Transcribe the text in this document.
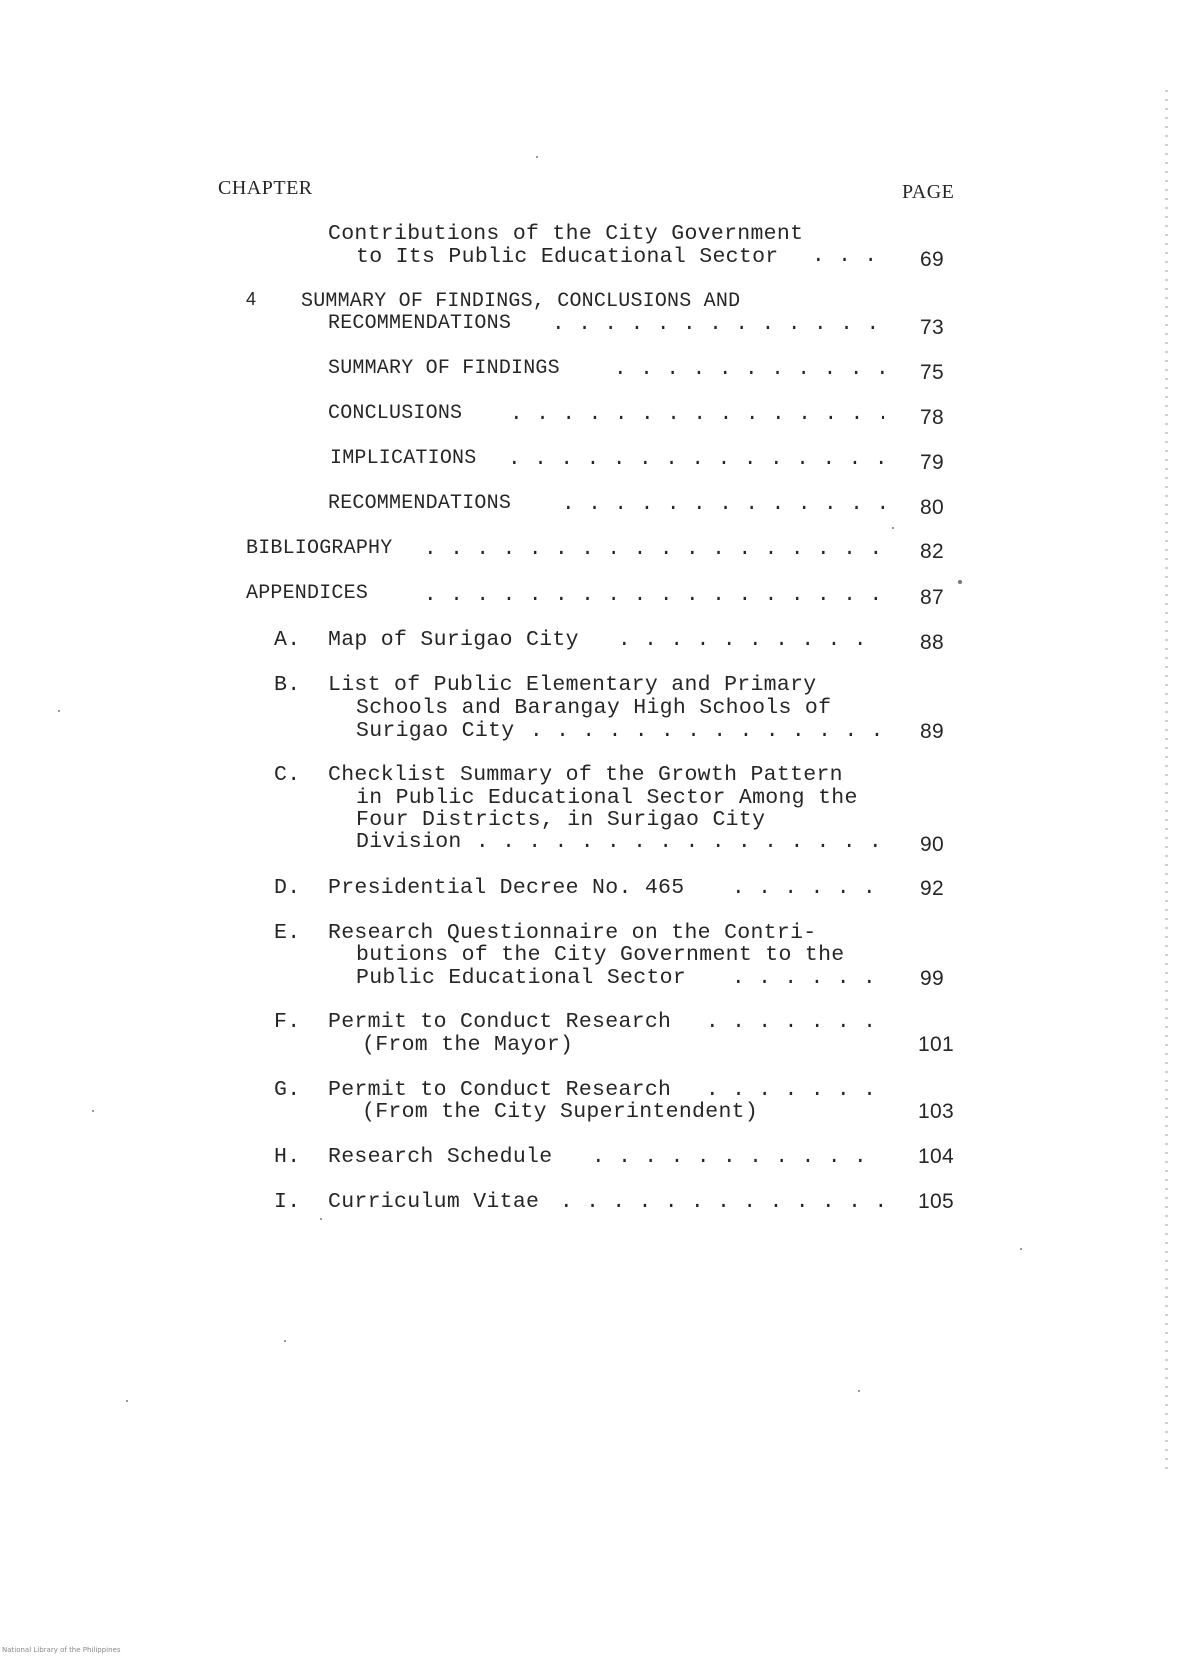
CHAPTER	PAGE
Contributions of the City Government
to Its Public Educational Sector . . .	69
4 SUMMARY OF FINDINGS, CONCLUSIONS AND
RECOMMENDATIONS . . .	73
SUMMARY OF FINDINGS . . .	75
CONCLUSIONS . . .	78
IMPLICATIONS . . .	79
RECOMMENDATIONS . . .	80
BIBLIOGRAPHY . . .	82
APPENDICES . . .	87
A. Map of Surigao City . . .	88
B. List of Public Elementary and Primary
Schools and Barangay High Schools of
Surigao City . . .	89
C. Checklist Summary of the Growth Pattern
in Public Educational Sector Among the
Four Districts, in Surigao City
Division . . .	90
D. Presidential Decree No. 465 . . .	92
E. Research Questionnaire on the Contri-
butions of the City Government to the
Public Educational Sector . . .	99
F. Permit to Conduct Research
. . .
(From the Mayor)	101
G. Permit to Conduct Research
. . .
(From the City Superintendent)	103
H. Research Schedule . . .	104
I. Curriculum Vitae . . .	105
National Library of the Philippines
